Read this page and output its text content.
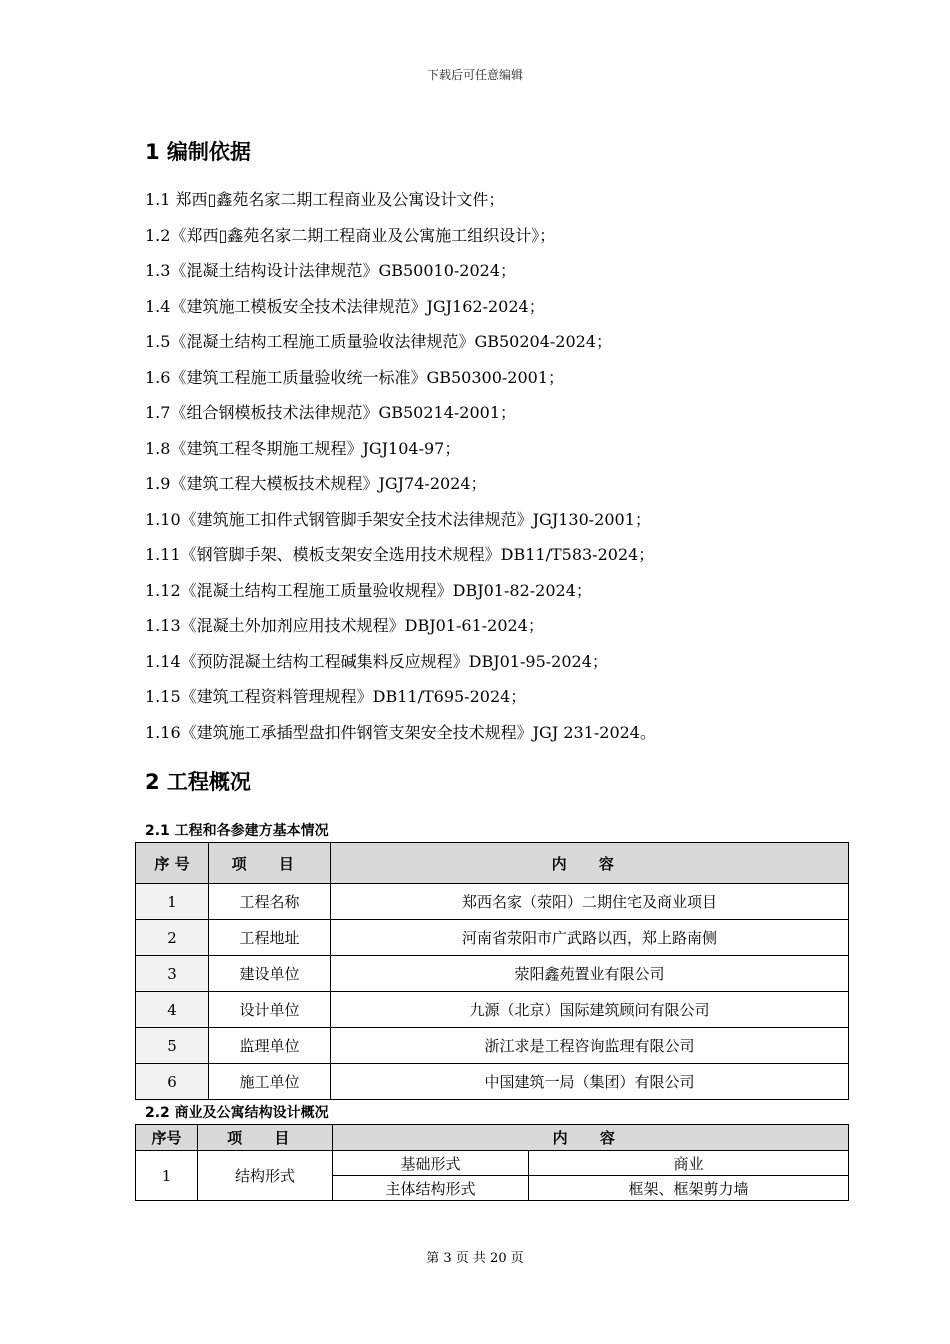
下载后可任意编辑
1 编制依据
1.1 郑西▯鑫苑名家二期工程商业及公寓设计文件；
1.2《郑西▯鑫苑名家二期工程商业及公寓施工组织设计》；
1.3《混凝土结构设计法律规范》GB50010-2024；
1.4《建筑施工模板安全技术法律规范》JGJ162-2024；
1.5《混凝土结构工程施工质量验收法律规范》GB50204-2024；
1.6《建筑工程施工质量验收统一标准》GB50300-2001；
1.7《组合钢模板技术法律规范》GB50214-2001；
1.8《建筑工程冬期施工规程》JGJ104-97；
1.9《建筑工程大模板技术规程》JGJ74-2024；
1.10《建筑施工扣件式钢管脚手架安全技术法律规范》JGJ130-2001；
1.11《钢管脚手架、模板支架安全选用技术规程》DB11/T583-2024；
1.12《混凝土结构工程施工质量验收规程》DBJ01-82-2024；
1.13《混凝土外加剂应用技术规程》DBJ01-61-2024；
1.14《预防混凝土结构工程碱集料反应规程》DBJ01-95-2024；
1.15《建筑工程资料管理规程》DB11/T695-2024；
1.16《建筑施工承插型盘扣件钢管支架安全技术规程》JGJ 231-2024。
2 工程概况
2.1 工程和各参建方基本情况
序 号	项 目	内 容
1	工程名称	郑西名家（荥阳）二期住宅及商业项目
2	工程地址	河南省荥阳市广武路以西，郑上路南侧
3	建设单位	荥阳鑫苑置业有限公司
4	设计单位	九源（北京）国际建筑顾问有限公司
5	监理单位	浙江求是工程咨询监理有限公司
6	施工单位	中国建筑一局（集团）有限公司
2.2 商业及公寓结构设计概况
序号	项 目	内 容	
1	结构形式	基础形式	商业
		主体结构形式	框架、框架剪力墙
第 3 页 共 20 页
